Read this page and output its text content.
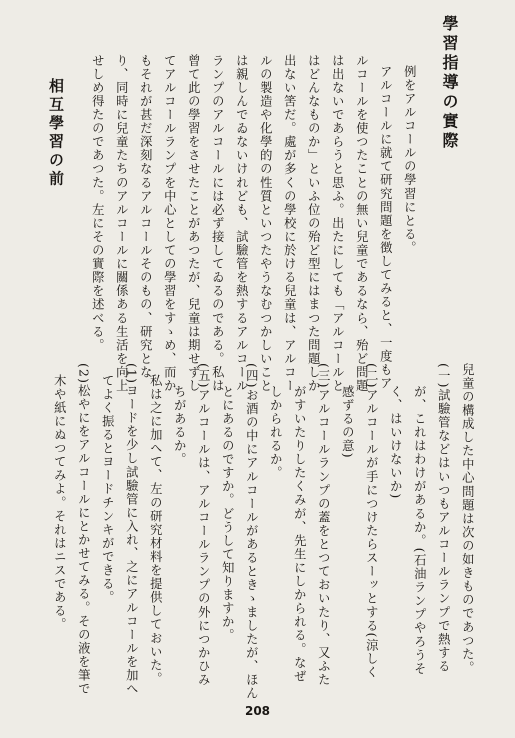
學習指導の實際
相互學習の前	例をアルコールの學習にとる。
アルコールに就て研究問題を徴してみると、一度もア
ルコールを使つたことの無い兒童であるなら、殆ど問題
は出ないであらうと思ふ。出たにしても「アルコールと
はどんなものか」といふ位の殆ど型にはまつた問題しか
出ない筈だ。處が多くの學校に於ける兒童は、アルコー
ルの製造や化學的の性質といつたやうなむつかしいこと
は親しんでゐないけれども、試驗管を熱するアルコール
ランプのアルコールには必ず接してゐるのである。私は
曾て此の學習をさせたことがあつたが、兒童は期せずし
てアルコールランプを中心としての學習をすゝめ、而か
もそれが甚だ深刻なるアルコールそのもの、研究とな
り、同時に兒童たちのアルコールに關係ある生活を向上
せしめ得たのであつた。左にその實際を述べる。
兒童の構成した中心問題は次の如きものであつた。
(一)試驗管などはいつもアルコールランプで熱する
が、これはわけがあるか。(石油ランプやろうそ
く、はいけないか)
(二)アルコールが手につけたらスーッとする(涼しく
感ずるの意)
(三)アルコールランプの蓋をとつておいたり、又ふた
がすいたりしたくみが、先生にしかられる。なぜ
しかられるか。
(四)お酒の中にアルコールがあるときゝましたが、ほん
とにあるのですか。どうして知りますか。
(五)アルコールは、アルコールランプの外につかひみ
ちがあるか。
私は之に加へて、左の研究材料を提供しておいた。
(1)ヨードを少し試驗管に入れ、之にアルコールを加へ
てよく振るとヨードチンキができる。
(2)松やにをアルコールにとかせてみる。その液を筆で
木や紙にぬつてみよ。それはニスである。
208
